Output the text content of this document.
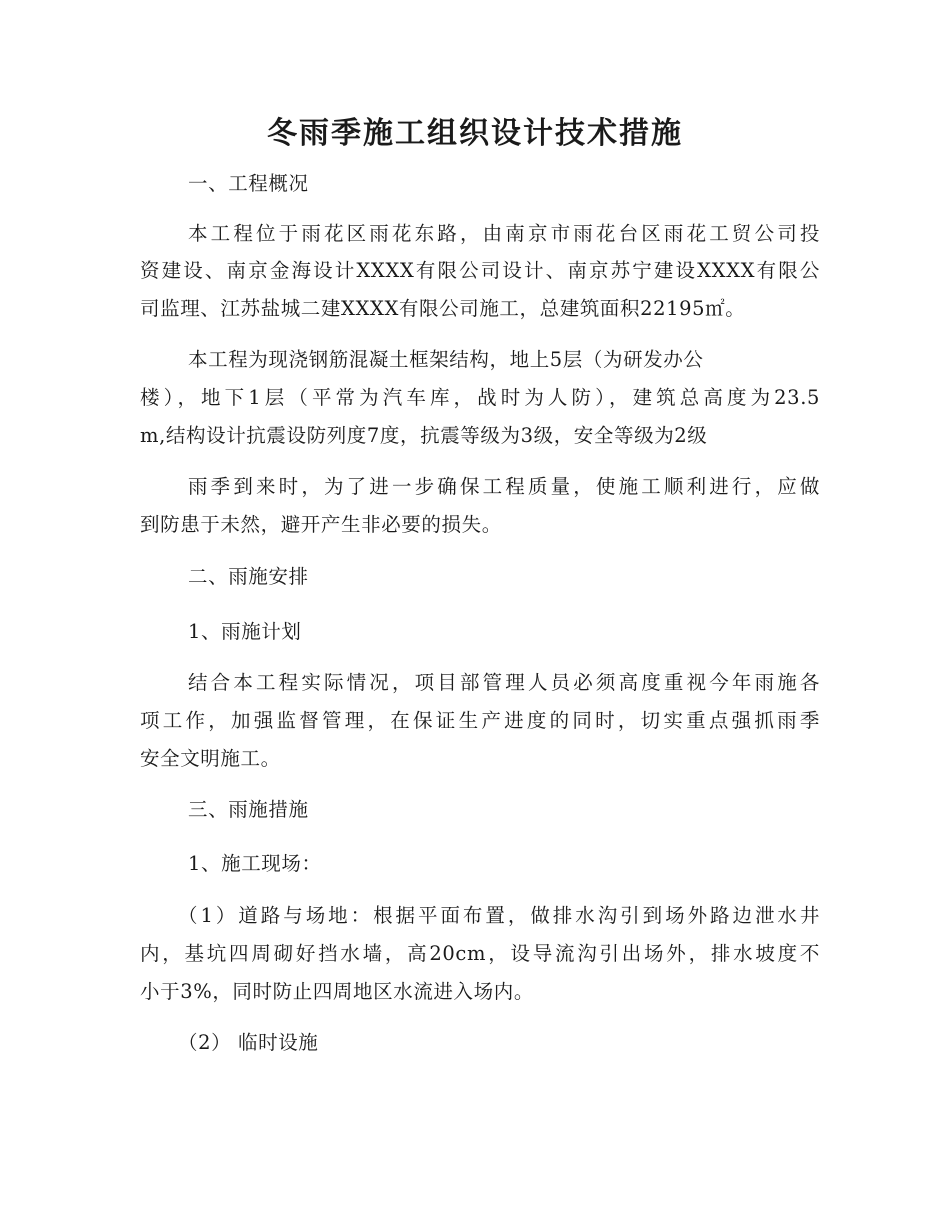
冬雨季施工组织设计技术措施

一、工程概况

本工程位于雨花区雨花东路，由南京市雨花台区雨花工贸公司投

资建设、南京金海设计XXXX有限公司设计、南京苏宁建设XXXX有限公

司监理、江苏盐城二建XXXX有限公司施工，总建筑面积22195㎡。

本工程为现浇钢筋混凝土框架结构，地上5层（为研发办公

楼），地下1层（平常为汽车库，战时为人防），建筑总高度为23.5

m,结构设计抗震设防列度7度，抗震等级为3级，安全等级为2级

雨季到来时，为了进一步确保工程质量，使施工顺利进行，应做

到防患于未然，避开产生非必要的损失。

二、雨施安排

1、雨施计划

结合本工程实际情况，项目部管理人员必须高度重视今年雨施各

项工作，加强监督管理，在保证生产进度的同时，切实重点强抓雨季

安全文明施工。

三、雨施措施

1、施工现场：

（1）道路与场地：根据平面布置，做排水沟引到场外路边泄水井

内，基坑四周砌好挡水墙，高20cm，设导流沟引出场外，排水坡度不

小于3%，同时防止四周地区水流进入场内。

（2） 临时设施
